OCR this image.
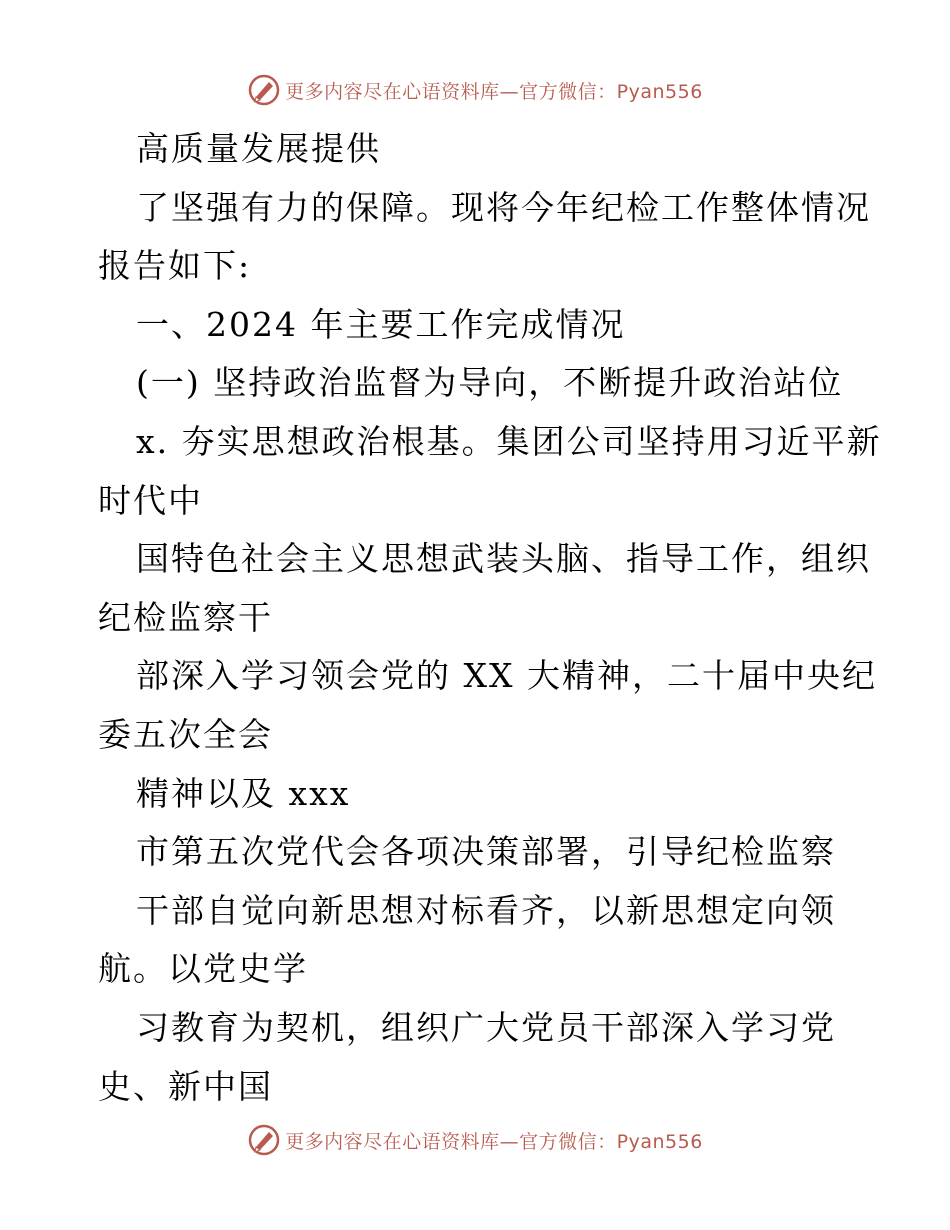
更多内容尽在心语资料库—官方微信：Pyan556
高质量发展提供
了坚强有力的保障。现将今年纪检工作整体情况
报告如下:
一、2024 年主要工作完成情况
(一) 坚持政治监督为导向，不断提升政治站位
x. 夯实思想政治根基。集团公司坚持用习近平新
时代中
国特色社会主义思想武装头脑、指导工作，组织
纪检监察干
部深入学习领会党的 XX 大精神，二十届中央纪
委五次全会
精神以及 xxx
市第五次党代会各项决策部署，引导纪检监察
干部自觉向新思想对标看齐，以新思想定向领
航。以党史学
习教育为契机，组织广大党员干部深入学习党
史、新中国
更多内容尽在心语资料库—官方微信：Pyan556
